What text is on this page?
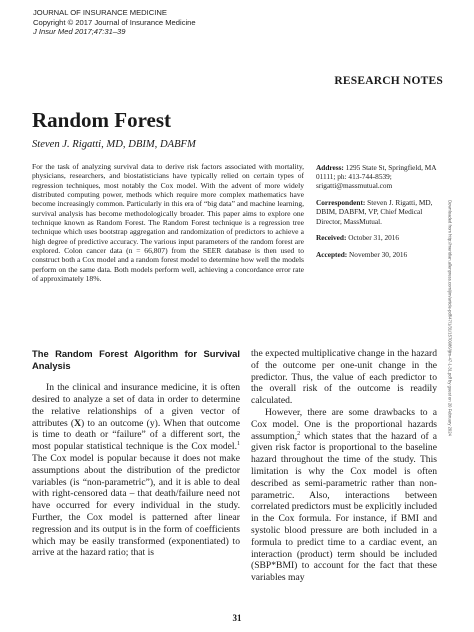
JOURNAL OF INSURANCE MEDICINE
Copyright © 2017 Journal of Insurance Medicine
J Insur Med 2017;47:31–39
RESEARCH NOTES
Random Forest
Steven J. Rigatti, MD, DBIM, DABFM
For the task of analyzing survival data to derive risk factors associated with mortality, physicians, researchers, and biostatisticians have typically relied on certain types of regression techniques, most notably the Cox model. With the advent of more widely distributed computing power, methods which require more complex mathematics have become increasingly common. Particularly in this era of “big data” and machine learning, survival analysis has become methodologically broader. This paper aims to explore one technique known as Random Forest. The Random Forest technique is a regression tree technique which uses bootstrap aggregation and randomization of predictors to achieve a high degree of predictive accuracy. The various input parameters of the random forest are explored. Colon cancer data (n = 66,807) from the SEER database is then used to construct both a Cox model and a random forest model to determine how well the models perform on the same data. Both models perform well, achieving a concordance error rate of approximately 18%.
Address: 1295 State St, Springfield, MA 01111; ph: 413-744-8539; srigatti@massmutual.com
Correspondent: Steven J. Rigatti, MD, DBIM, DABFM, VP, Chief Medical Director, MassMutual.
Received: October 31, 2016
Accepted: November 30, 2016	Downloaded from http://meridian.allenpress.com/jim/article-pdf/47/1/31/1570086/ijim-47-1-31.pdf by guest on 20 February 2024
The Random Forest Algorithm for Survival Analysis

In the clinical and insurance medicine, it is often desired to analyze a set of data in order to determine the relative relationships of a given vector of attributes (X) to an outcome (y). When that outcome is time to death or “failure” of a different sort, the most popular statistical technique is the Cox model.$^1$ The Cox model is popular because it does not make assumptions about the distribution of the predictor variables (is “non-parametric”), and it is able to deal with right-censored data – that death/failure need not have occurred for every individual in the study. Further, the Cox model is patterned after linear regression and its output is in the form of coefficients which may be easily transformed (exponentiated) to arrive at the hazard ratio; that is

the expected multiplicative change in the hazard of the outcome per one-unit change in the predictor. Thus, the value of each predictor to the overall risk of the outcome is readily calculated.

However, there are some drawbacks to a Cox model. One is the proportional hazards assumption,$^2$ which states that the hazard of a given risk factor is proportional to the baseline hazard throughout the time of the study. This limitation is why the Cox model is often described as semi-parametric rather than non-parametric. Also, interactions between correlated predictors must be explicitly included in the Cox formula. For instance, if BMI and systolic blood pressure are both included in a formula to predict time to a cardiac event, an interaction (product) term should be included (SBP*BMI) to account for the fact that these variables may

31
